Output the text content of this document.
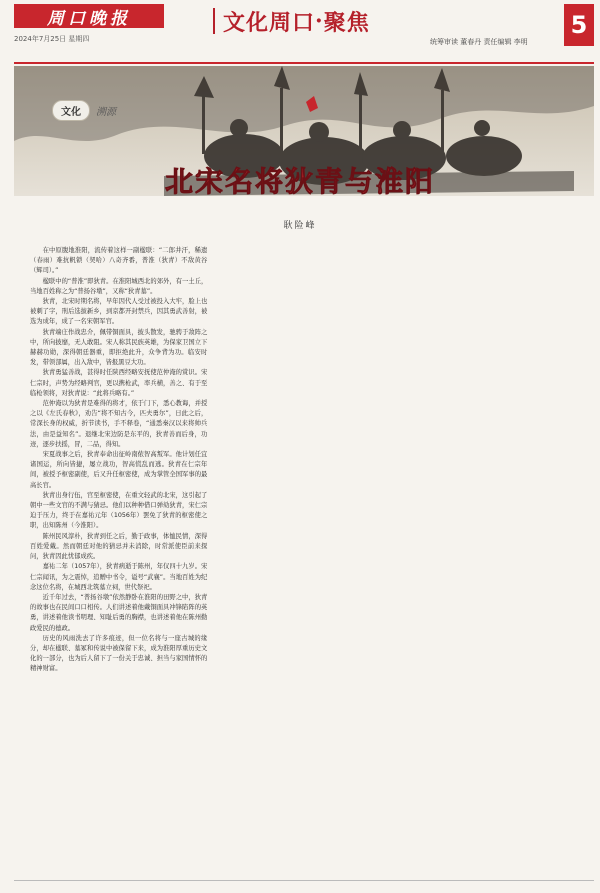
周口晚报
2024年7月25日 星期四
文化周口 · 聚焦
统筹审读 董春丹 责任编辑 李明
5
文化	溯源
北宋名将狄青与淮阳
耿险峰

在中原腹地淮阳，流传着这样一副楹联：“二郎井汗，稀遗（春雨）难抗帆锁（契哈）八奇齐番，普淮（狄青）不敌黄谷（辉司）。”

楹联中的“普淮”即狄青。在淮阳城西北的郊外，有一土丘，当地百姓称之为“普扬谷墩”，又称“狄青墓”。

狄青，北宋时期名将，早年因代人受过被投入大牢，脸上也被刺了字，刑后选拔新乡，到京都开封禁兵，因其勇武善射，被选为成年，成了一名宋朝军官。

狄青端庄作战忠介，佩带铜面具，披头散发，驰骋于敌阵之中，所向披靡，无人敢阻。宋人称其民族英雄，为保家卫国立下赫赫功勋，深得朝廷器重，即拒绝此升，众争背为功。临安时发，带领部属，出入敌中，皆报黑豆大功。

狄青勇猛善战，甚得时任陕西经略安抚使范仲淹的赏识。宋仁宗时，声势为经略判官，更以携枪武，率兵横，善之、有于至临枪领将，对狄青说：“此将兵略有。”

范仲淹以为狄青是难得的将才，依于门下，悉心教诲，并授之以《左氏春秋》，劝告“将不知古今，匹夫勇尔”，日此之后，常深长身的权威，折节读书，手不释卷，“通悉秦汉以来将帅兵法，由是益知名”。退继北宋边防是东平的，狄青善而后身，功迹，逐步扶摇，冒，二品，得知。

宋夏战事之后，狄青奉命出征岭南侬智高叛军。他计划任宜诸国运，所向皆捷，屡立战功，智高慌乱而逃。狄青在仁宗年间，被授予枢密副使，后又升任枢密使，成为掌管全国军事的最高长官。

狄青出身行伍，官至枢密使，在重文轻武的北宋，这引起了朝中一些文官的不满与猜忌。他们以种种借口弹劾狄青，宋仁宗迫于压力，终于在嘉祐元年（1056年）罢免了狄青的枢密使之职，出知陈州（今淮阳）。

陈州民风淳朴，狄青到任之后，勤于政事，体恤民情，深得百姓爱戴。然而朝廷对他的猜忌并未消除，时常派使臣前来探问，狄青因此忧郁成疾。

嘉祐二年（1057年），狄青病逝于陈州，年仅四十九岁。宋仁宗闻讯，为之震悼，追赠中书令，谥号“武襄”。当地百姓为纪念这位名将，在城西北筑墓立祠，世代祭祀。

近千年过去，“普扬谷墩”依然静卧在淮阳的田野之中，狄青的故事也在民间口口相传。人们讲述着他戴铜面具冲锋陷阵的英勇，讲述着他读书明理、知耻后勇的胸襟，也讲述着他在陈州勤政爱民的德政。

历史的风雨洗去了许多痕迹，但一位名将与一座古城的缘分，却在楹联、墓冢和传说中被保留下来，成为淮阳厚重历史文化的一部分，也为后人留下了一份关于忠诚、担当与家国情怀的精神财富。
